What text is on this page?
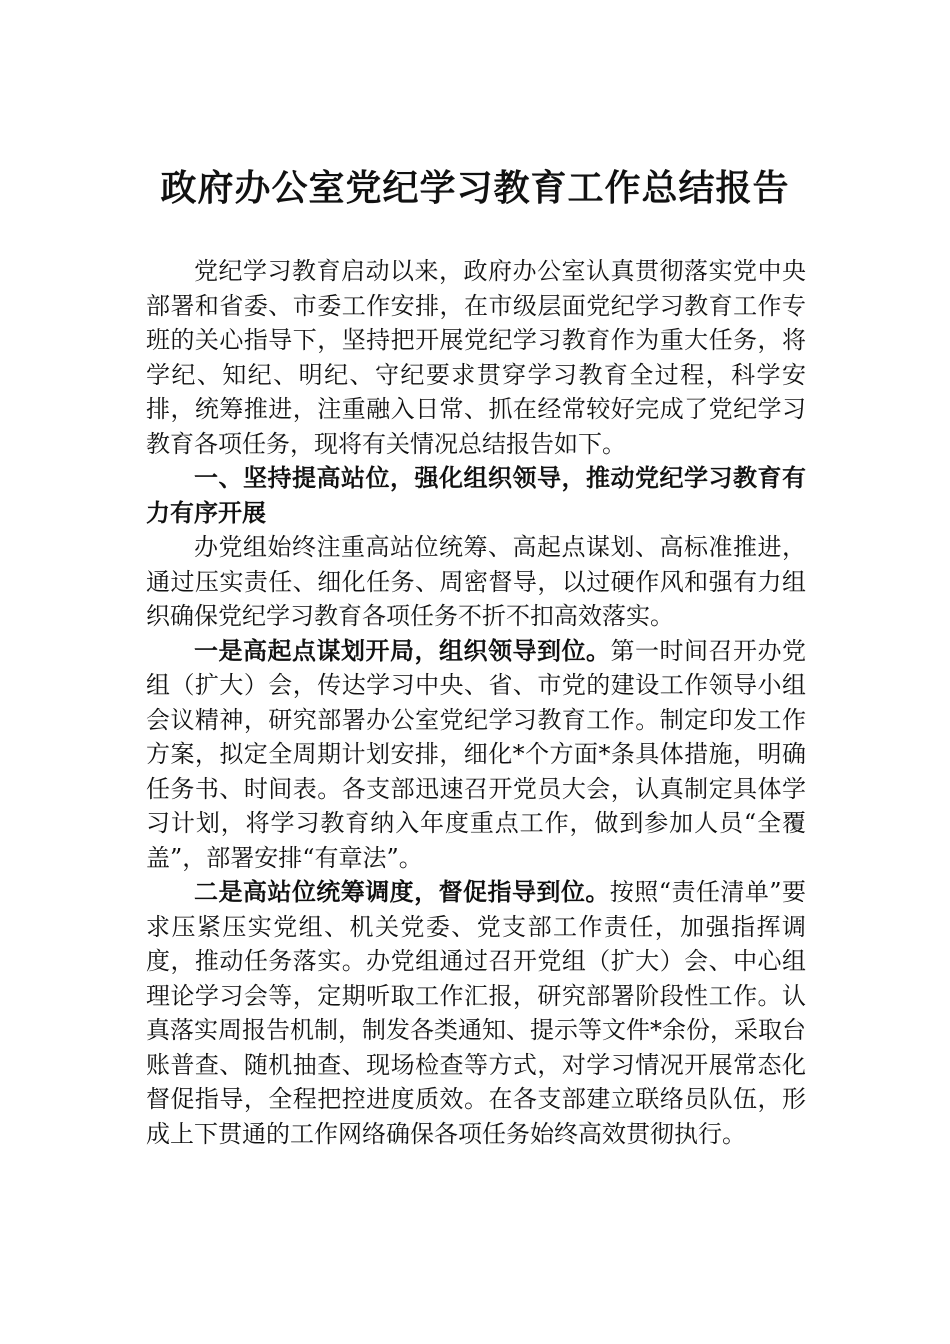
政府办公室党纪学习教育工作总结报告

党纪学习教育启动以来，政府办公室认真贯彻落实党中央部署和省委、市委工作安排，在市级层面党纪学习教育工作专班的关心指导下，坚持把开展党纪学习教育作为重大任务，将学纪、知纪、明纪、守纪要求贯穿学习教育全过程，科学安排，统筹推进，注重融入日常、抓在经常较好完成了党纪学习教育各项任务，现将有关情况总结报告如下。

一、坚持提高站位，强化组织领导，推动党纪学习教育有力有序开展

办党组始终注重高站位统筹、高起点谋划、高标准推进，通过压实责任、细化任务、周密督导，以过硬作风和强有力组织确保党纪学习教育各项任务不折不扣高效落实。

一是高起点谋划开局，组织领导到位。第一时间召开办党组（扩大）会，传达学习中央、省、市党的建设工作领导小组会议精神，研究部署办公室党纪学习教育工作。制定印发工作方案，拟定全周期计划安排，细化*个方面*条具体措施，明确任务书、时间表。各支部迅速召开党员大会，认真制定具体学习计划，将学习教育纳入年度重点工作，做到参加人员“全覆盖”，部署安排“有章法”。

二是高站位统筹调度，督促指导到位。按照“责任清单”要求压紧压实党组、机关党委、党支部工作责任，加强指挥调度，推动任务落实。办党组通过召开党组（扩大）会、中心组理论学习会等，定期听取工作汇报，研究部署阶段性工作。认真落实周报告机制，制发各类通知、提示等文件*余份，采取台账普查、随机抽查、现场检查等方式，对学习情况开展常态化督促指导，全程把控进度质效。在各支部建立联络员队伍，形成上下贯通的工作网络确保各项任务始终高效贯彻执行。
